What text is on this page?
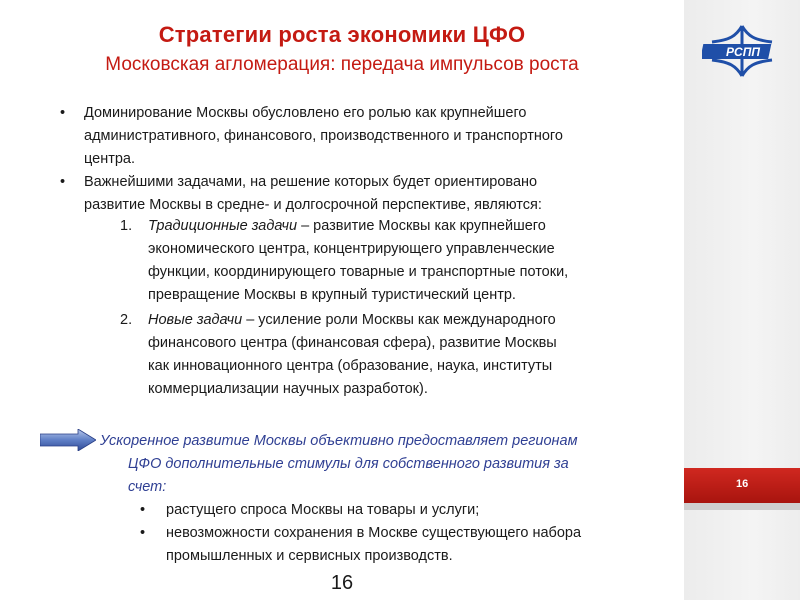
РСПП
16
Стратегии роста экономики ЦФО
Московская агломерация: передача импульсов роста
• Доминирование Москвы обусловлено его ролью как крупнейшего
административного, финансового, производственного и транспортного
центра.
• Важнейшими задачами, на решение которых будет ориентировано
развитие Москвы в средне- и долгосрочной перспективе, являются:
1. Традиционные задачи – развитие Москвы как крупнейшего
экономического центра, концентрирующего управленческие
функции, координирующего товарные и транспортные потоки,
превращение Москвы в крупный туристический центр.
2. Новые задачи – усиление роли Москвы как международного
финансового центра (финансовая сфера), развитие Москвы
как инновационного центра (образование, наука, институты
коммерциализации научных разработок).
Ускоренное развитие Москвы объективно предоставляет регионам
ЦФО дополнительные стимулы для собственного развития за
счет:
• растущего спроса Москвы на товары и услуги;
• невозможности сохранения в Москве существующего набора
промышленных и сервисных производств.
16
